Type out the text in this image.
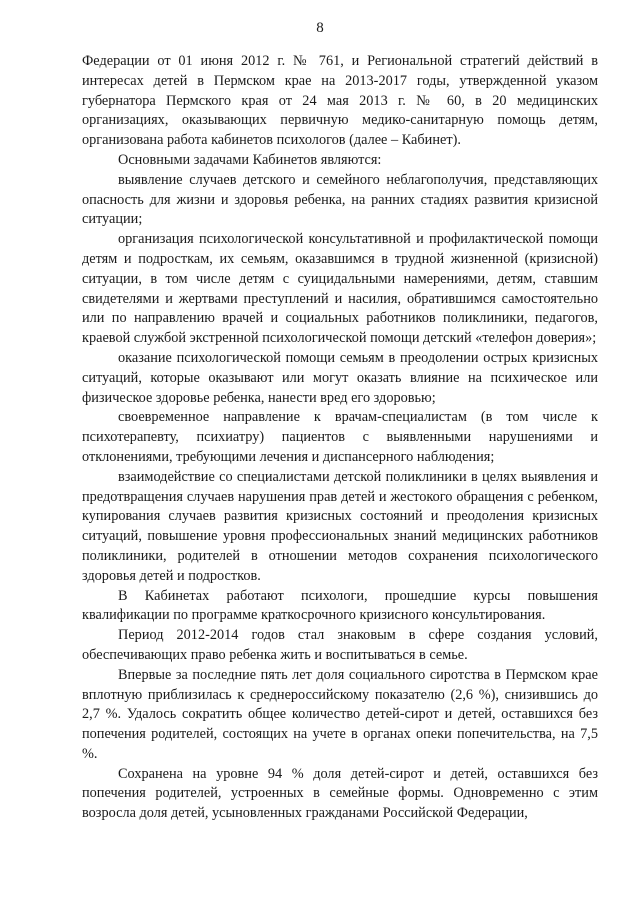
8

Федерации от 01 июня 2012 г. № 761, и Региональной стратегий действий в интересах детей в Пермском крае на 2013-2017 годы, утвержденной указом губернатора Пермского края от 24 мая 2013 г. № 60, в 20 медицинских организациях, оказывающих первичную медико-санитарную помощь детям, организована работа кабинетов психологов (далее – Кабинет).

Основными задачами Кабинетов являются:

выявление случаев детского и семейного неблагополучия, представляющих опасность для жизни и здоровья ребенка, на ранних стадиях развития кризисной ситуации;

организация психологической консультативной и профилактической помощи детям и подросткам, их семьям, оказавшимся в трудной жизненной (кризисной) ситуации, в том числе детям с суицидальными намерениями, детям, ставшим свидетелями и жертвами преступлений и насилия, обратившимся самостоятельно или по направлению врачей и социальных работников поликлиники, педагогов, краевой службой экстренной психологической помощи детский «телефон доверия»;

оказание психологической помощи семьям в преодолении острых кризисных ситуаций, которые оказывают или могут оказать влияние на психическое или физическое здоровье ребенка, нанести вред его здоровью;

своевременное направление к врачам-специалистам (в том числе к психотерапевту, психиатру) пациентов с выявленными нарушениями и отклонениями, требующими лечения и диспансерного наблюдения;

взаимодействие со специалистами детской поликлиники в целях выявления и предотвращения случаев нарушения прав детей и жестокого обращения с ребенком, купирования случаев развития кризисных состояний и преодоления кризисных ситуаций, повышение уровня профессиональных знаний медицинских работников поликлиники, родителей в отношении методов сохранения психологического здоровья детей и подростков.

В Кабинетах работают психологи, прошедшие курсы повышения квалификации по программе краткосрочного кризисного консультирования.

Период 2012-2014 годов стал знаковым в сфере создания условий, обеспечивающих право ребенка жить и воспитываться в семье.

Впервые за последние пять лет доля социального сиротства в Пермском крае вплотную приблизилась к среднероссийскому показателю (2,6 %), снизившись до 2,7 %. Удалось сократить общее количество детей-сирот и детей, оставшихся без попечения родителей, состоящих на учете в органах опеки попечительства, на 7,5 %.

Сохранена на уровне 94 % доля детей-сирот и детей, оставшихся без попечения родителей, устроенных в семейные формы. Одновременно с этим возросла доля детей, усыновленных гражданами Российской Федерации,
